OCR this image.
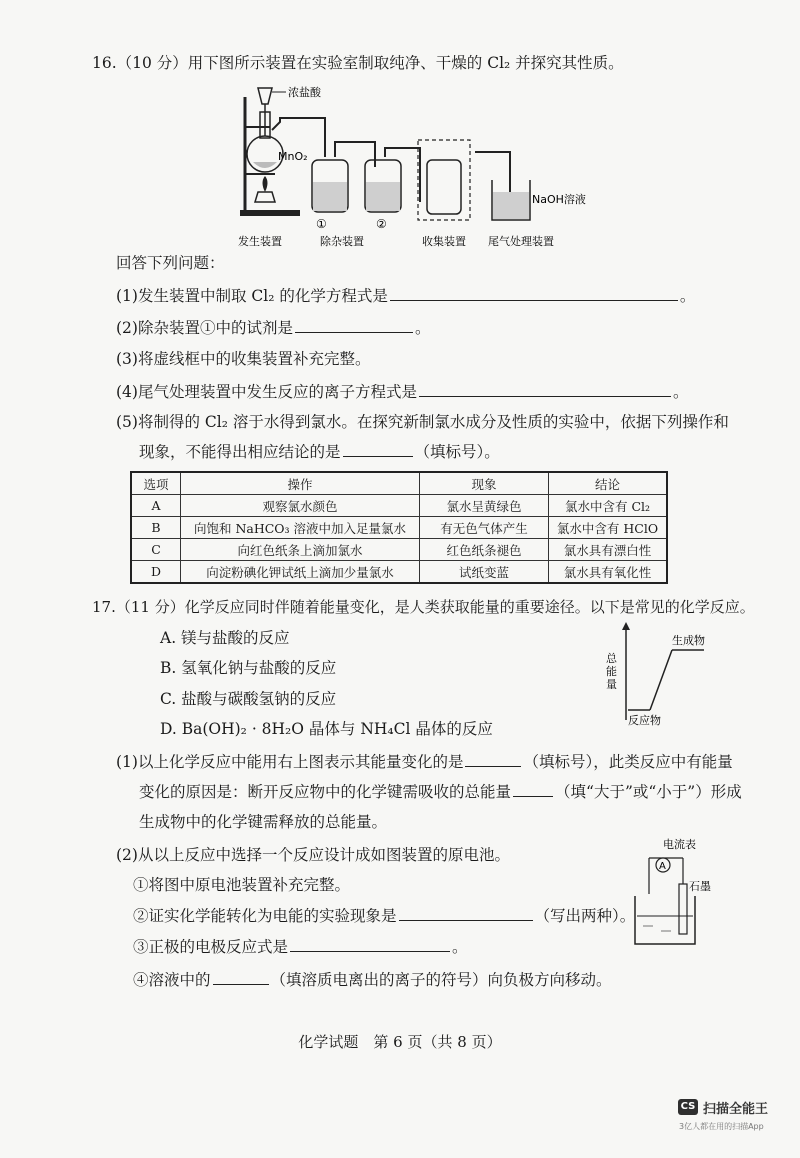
16.（10 分）用下图所示装置在实验室制取纯净、干燥的 Cl₂ 并探究其性质。
浓盐酸
MnO₂
NaOH溶液
①	②
发生装置	除杂装置	收集装置 尾气处理装置
回答下列问题：
(1)发生装置中制取 Cl₂ 的化学方程式是	。
(2)除杂装置①中的试剂是	。
(3)将虚线框中的收集装置补充完整。
(4)尾气处理装置中发生反应的离子方程式是	。
(5)将制得的 Cl₂ 溶于水得到氯水。在探究新制氯水成分及性质的实验中，依据下列操作和
现象，不能得出相应结论的是	（填标号）。
选项	操作	现象	结论
A	观察氯水颜色	氯水呈黄绿色	氯水中含有 Cl₂
B	向饱和 NaHCO₃ 溶液中加入足量氯水	有无色气体产生	氯水中含有 HClO
C	向红色纸条上滴加氯水	红色纸条褪色	氯水具有漂白性
D	向淀粉碘化钾试纸上滴加少量氯水	试纸变蓝	氯水具有氧化性
17.（11 分）化学反应同时伴随着能量变化，是人类获取能量的重要途径。以下是常见的化学反应。
A. 镁与盐酸的反应
B. 氢氧化钠与盐酸的反应
C. 盐酸与碳酸氢钠的反应
D. Ba(OH)₂ · 8H₂O 晶体与 NH₄Cl 晶体的反应
总
能
量
生成物
反应物
(1)以上化学反应中能用右上图表示其能量变化的是	（填标号），此类反应中有能量
变化的原因是：断开反应物中的化学键需吸收的总能量	（填“大于”或“小于”）形成
生成物中的化学键需释放的总能量。
(2)从以上反应中选择一个反应设计成如图装置的原电池。
①将图中原电池装置补充完整。
②证实化学能转化为电能的实验现象是	（写出两种）。
③正极的电极反应式是	。
④溶液中的	（填溶质电离出的离子的符号）向负极方向移动。
A
电流表
石墨
化学试题　第 6 页（共 8 页）
CS 扫描全能王
3亿人都在用的扫描App
